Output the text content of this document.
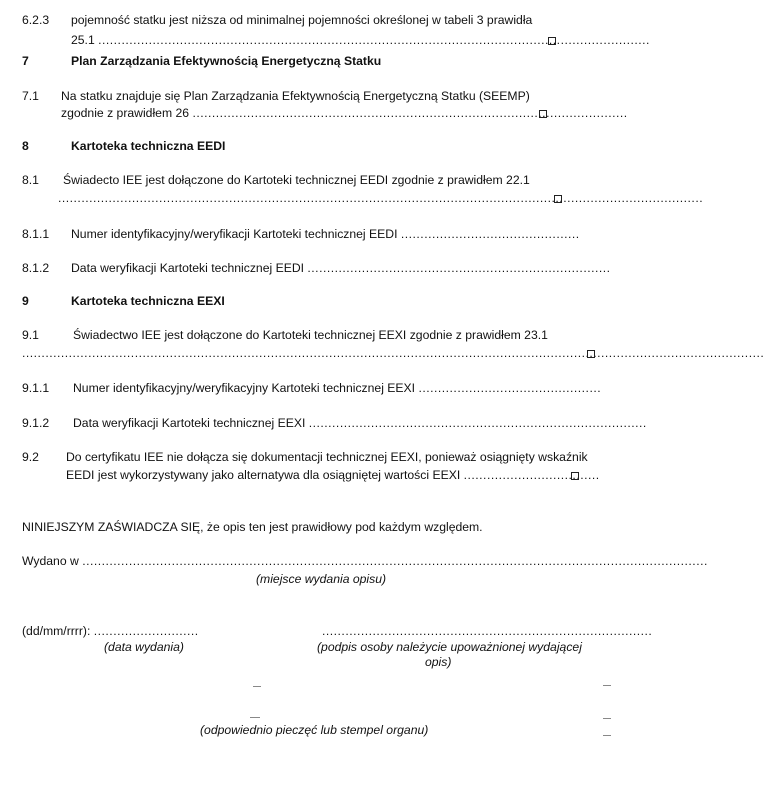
6.2.3 pojemność statku jest niższa od minimalnej pojemności określonej w tabeli 3 prawidła
25.1 ..............................................................................................................................................
7	Plan Zarządzania Efektywnością Energetyczną Statku
7.1 Na statku znajduje się Plan Zarządzania Efektywnością Energetyczną Statku (SEEMP)
zgodnie z prawidłem 26 ................................................................................................................
8	Kartoteka techniczna EEDI
8.1 Świadecto IEE jest dołączone do Kartoteki technicznej EEDI zgodnie z prawidłem 22.1
......................................................................................................................................................................
8.1.1 Numer identyfikacyjny/weryfikacji Kartoteki technicznej EEDI ..............................................
8.1.2 Data weryfikacji Kartoteki technicznej EEDI ..............................................................................
9	Kartoteka techniczna EEXI
9.1	Świadectwo IEE jest dołączone do Kartoteki technicznej EEXI zgodnie z prawidłem 23.1
...............................................................................................................................................................................................
9.1.1 Numer identyfikacyjny/weryfikacyjny Kartoteki technicznej EEXI ...............................................
9.1.2 Data weryfikacji Kartoteki technicznej EEXI .......................................................................................
9.2 Do certyfikatu IEE nie dołącza się dokumentacji technicznej EEXI, ponieważ osiągnięty wskaźnik
EEDI jest wykorzystywany jako alternatywa dla osiągniętej wartości EEXI ...................................
NINIEJSZYM ZAŚWIADCZA SIĘ, że opis ten jest prawidłowy pod każdym względem.
Wydano w .................................................................................................................................................................
(miejsce wydania opisu)
(dd/mm/rrrr): ...........................	.....................................................................................
(data wydania)	(podpis osoby należycie upoważnionej wydającej
opis)
(odpowiednio pieczęć lub stempel organu)
